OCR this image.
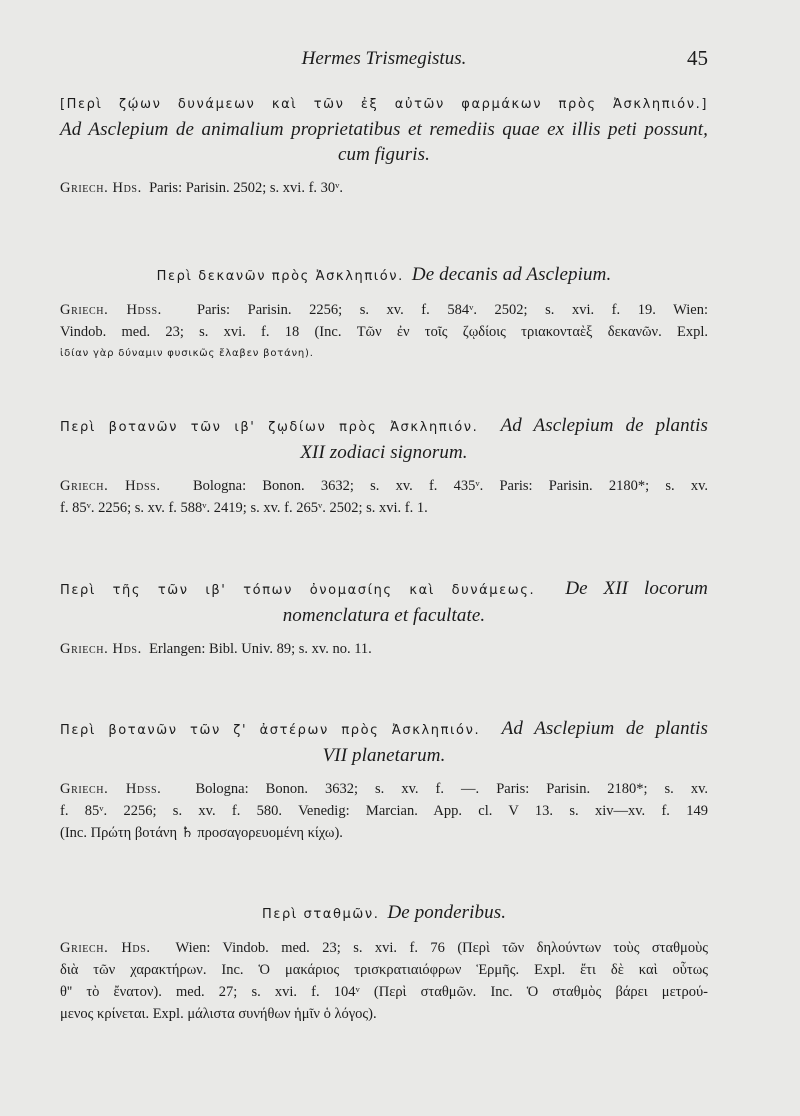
Hermes Trismegistus.	45
[Περὶ ζῴων δυνάμεων καὶ τῶν ἐξ αὐτῶν φαρμάκων πρὸς Ἀσκληπιόν.]
Ad Asclepium de animalium proprietatibus et remediis quae ex illis peti possunt,
cum figuris.
Griech. Hds. Paris: Parisin. 2502; s. xvi. f. 30ᵛ.
Περὶ δεκανῶν πρὸς Ἀσκληπιόν. De decanis ad Asclepium.
Griech. Hdss. Paris: Parisin. 2256; s. xv. f. 584ᵛ. 2502; s. xvi. f. 19. Wien:
Vindob. med. 23; s. xvi. f. 18 (Inc. Τῶν ἐν τοῖς ζῳδίοις τριακονταὲξ δεκανῶν. Expl.
ἰδίαν γὰρ δύναμιν φυσικῶς ἔλαβεν βοτάνη).
Περὶ βοτανῶν τῶν ιβ' ζῳδίων πρὸς Ἀσκληπιόν. Ad Asclepium de plantis
XII zodiaci signorum.
Griech. Hdss. Bologna: Bonon. 3632; s. xv. f. 435ᵛ. Paris: Parisin. 2180*; s. xv.
f. 85ᵛ. 2256; s. xv. f. 588ᵛ. 2419; s. xv. f. 265ᵛ. 2502; s. xvi. f. 1.
Περὶ τῆς τῶν ιβ' τόπων ὀνομασίης καὶ δυνάμεως. De XII locorum
nomenclatura et facultate.
Griech. Hds. Erlangen: Bibl. Univ. 89; s. xv. no. 11.
Περὶ βοτανῶν τῶν ζ' ἀστέρων πρὸς Ἀσκληπιόν. Ad Asclepium de plantis
VII planetarum.
Griech. Hdss. Bologna: Bonon. 3632; s. xv. f. —. Paris: Parisin. 2180*; s. xv.
f. 85ᵛ. 2256; s. xv. f. 580. Venedig: Marcian. App. cl. V 13. s. xiv—xv. f. 149
(Inc. Πρώτη βοτάνη ♄ προσαγορευομένη κίχω).
Περὶ σταθμῶν. De ponderibus.
Griech. Hds. Wien: Vindob. med. 23; s. xvi. f. 76 (Περὶ τῶν δηλούντων τοὺς σταθμοὺς
διὰ τῶν χαρακτήρων. Inc. Ὁ μακάριος τρισκρατιαιόφρων Ἑρμῆς. Expl. ἔτι δὲ καὶ οὗτως
θ'' τὸ ἔνατον). med. 27; s. xvi. f. 104ᵛ (Περὶ σταθμῶν. Inc. Ὁ σταθμὸς βάρει μετρού-
μενος κρίνεται. Expl. μάλιστα συνήθων ἡμῖν ὁ λόγος).
